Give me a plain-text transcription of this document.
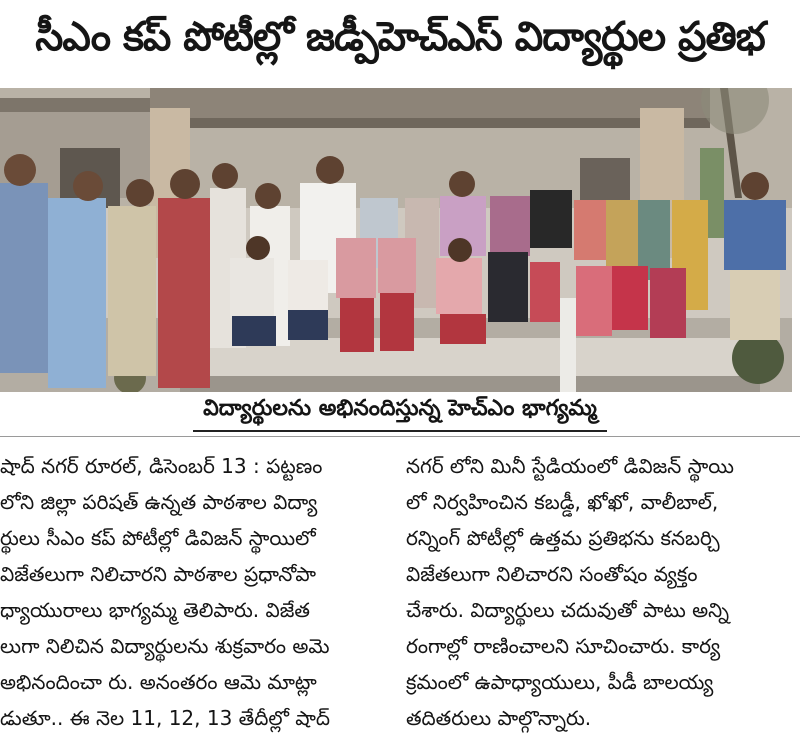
సీఎం కప్ పోటీల్లో జడ్పీహెచ్ఎస్ విద్యార్థుల ప్రతిభ
విద్యార్థులను అభినందిస్తున్న హెచ్ఎం భాగ్యమ్మ
షాద్ నగర్ రూరల్, డిసెంబర్ 13 : పట్టణం
లోని జిల్లా పరిషత్ ఉన్నత పాఠశాల విద్యా
ర్థులు సీఎం కప్ పోటీల్లో డివిజన్ స్థాయిలో
విజేతలుగా నిలిచారని పాఠశాల ప్రధానోపా
ధ్యాయురాలు భాగ్యమ్మ తెలిపారు. విజేత
లుగా నిలిచిన విద్యార్థులను శుక్రవారం అమె
అభినందించా రు. అనంతరం ఆమె మాట్లా
డుతూ.. ఈ నెల 11, 12, 13 తేదీల్లో షాద్
నగర్ లోని మినీ స్టేడియంలో డివిజన్ స్థాయి
లో నిర్వహించిన కబడ్డీ, ఖోఖో, వాలీబాల్,
రన్నింగ్ పోటీల్లో ఉత్తమ ప్రతిభను కనబర్చి
విజేతలుగా నిలిచారని సంతోషం వ్యక్తం
చేశారు. విద్యార్థులు చదువుతో పాటు అన్ని
రంగాల్లో రాణించాలని సూచించారు. కార్య
క్రమంలో ఉపాధ్యాయులు, పీడీ బాలయ్య
తదితరులు పాల్గొన్నారు.
